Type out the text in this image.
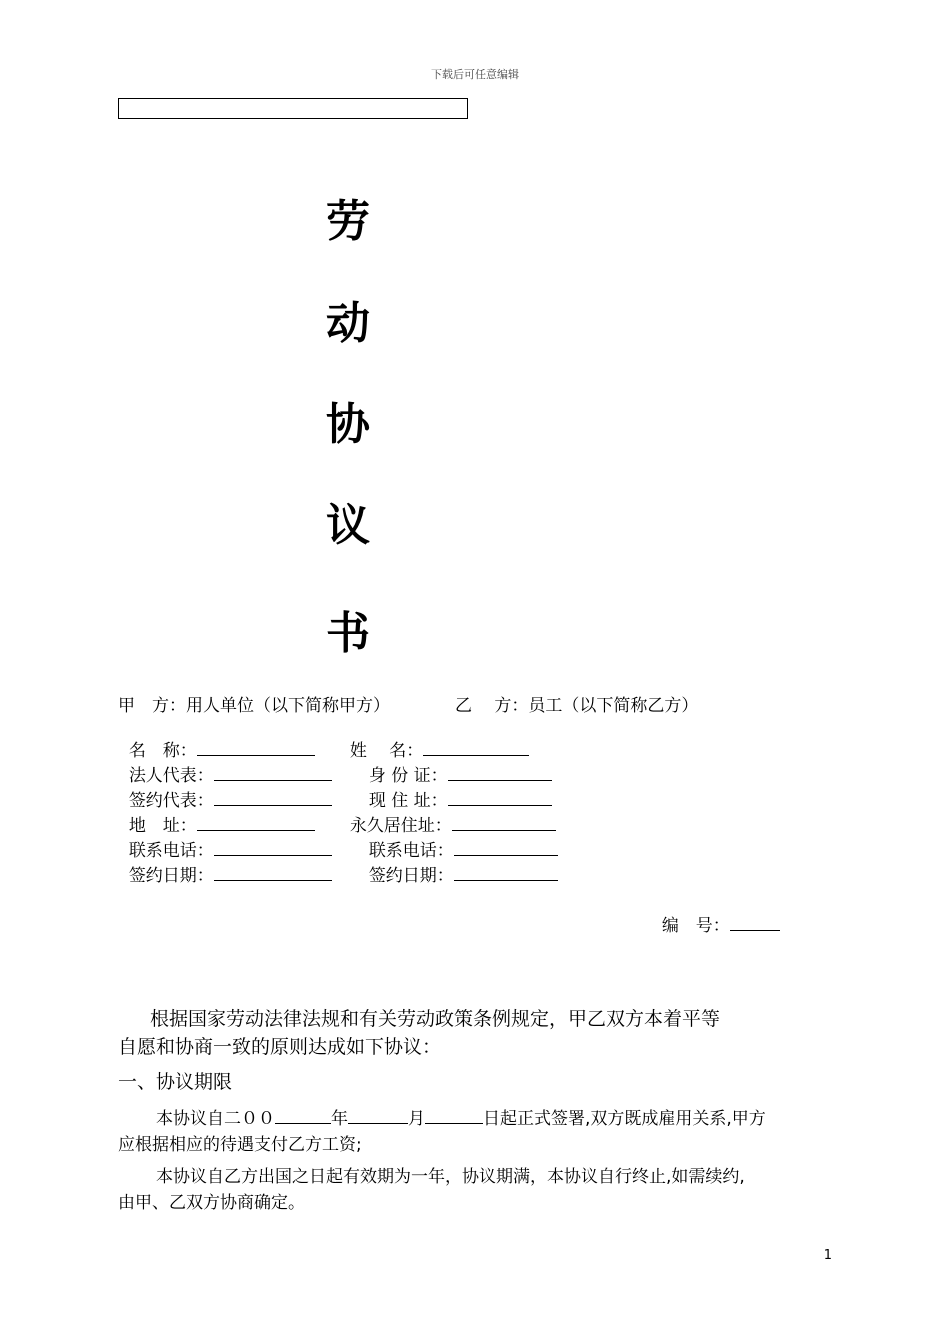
下载后可任意编辑
劳
动
协
议
书
甲　方：用人单位（以下简称甲方）	乙　 方：员工（以下简称乙方）

名　称：	姓　 名：

法人代表：	身 份 证：

签约代表：	现 住 址：

地　址：	永久居住址：

联系电话：	联系电话：

签约日期：	签约日期：

编　号：

根据国家劳动法律法规和有关劳动政策条例规定，甲乙双方本着平等
自愿和协商一致的原则达成如下协议：
一、协议期限
本协议自二００	年	月	日起正式签署,双方既成雇用关系,甲方
应根据相应的待遇支付乙方工资;
本协议自乙方出国之日起有效期为一年，协议期满，本协议自行终止,如需续约,
由甲、乙双方协商确定。
1
